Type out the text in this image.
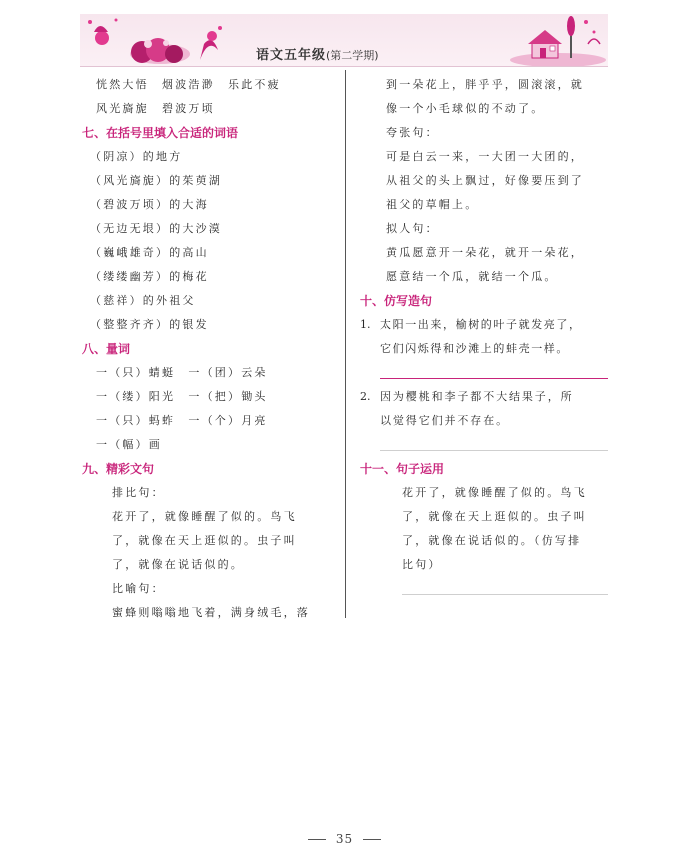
语文五年级(第二学期)
恍然大悟　烟波浩渺　乐此不疲
风光旖旎　碧波万顷
七、在括号里填入合适的词语
（阴凉）的地方
（风光旖旎）的茱萸湖
（碧波万顷）的大海
（无边无垠）的大沙漠
（巍峨雄奇）的高山
（缕缕幽芳）的梅花
（慈祥）的外祖父
（整整齐齐）的银发
八、量词
一（只）蜻蜓　一（团）云朵
一（缕）阳光　一（把）锄头
一（只）蚂蚱　一（个）月亮
一（幅）画
九、精彩文句
排比句：
花开了，就像睡醒了似的。鸟飞
了，就像在天上逛似的。虫子叫
了，就像在说话似的。
比喻句：
蜜蜂则嗡嗡地飞着，满身绒毛，落
到一朵花上，胖乎乎，圆滚滚，就
像一个小毛球似的不动了。
夸张句：
可是白云一来，一大团一大团的，
从祖父的头上飘过，好像要压到了
祖父的草帽上。
拟人句：
黄瓜愿意开一朵花，就开一朵花，
愿意结一个瓜，就结一个瓜。
十、仿写造句
1. 太阳一出来，榆树的叶子就发亮了，
它们闪烁得和沙滩上的蚌壳一样。
2. 因为樱桃和李子都不大结果子，所
以觉得它们并不存在。
十一、句子运用
花开了，就像睡醒了似的。鸟飞
了，就像在天上逛似的。虫子叫
了，就像在说话似的。（仿写排
比句）
35
